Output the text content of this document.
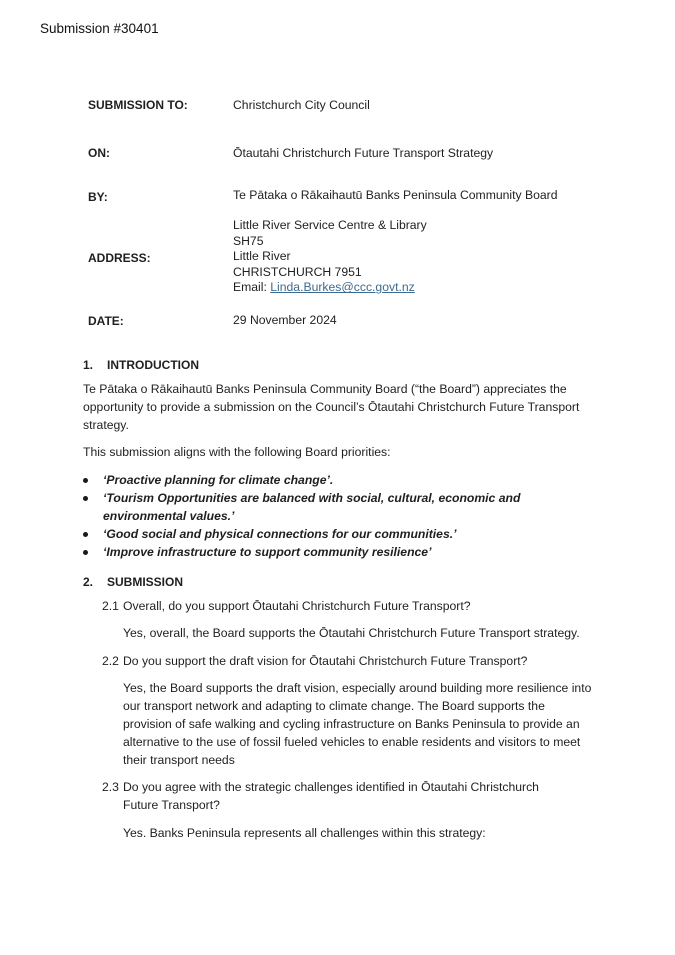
Submission #30401
SUBMISSION TO:	Christchurch City Council
ON:	Ōtautahi Christchurch Future Transport Strategy
BY:	Te Pātaka o Rākaihautū Banks Peninsula Community Board
ADDRESS:
Little River Service Centre & Library
SH75
Little River
CHRISTCHURCH 7951
Email: Linda.Burkes@ccc.govt.nz
DATE:	29 November 2024
1. INTRODUCTION
Te Pātaka o Rākaihautū Banks Peninsula Community Board (“the Board”) appreciates the opportunity to provide a submission on the Council’s Ōtautahi Christchurch Future Transport strategy.
This submission aligns with the following Board priorities:
‘Proactive planning for climate change’.
‘Tourism Opportunities are balanced with social, cultural, economic and environmental values.’
‘Good social and physical connections for our communities.’
‘Improve infrastructure to support community resilience’
2. SUBMISSION
2.1 Overall, do you support Ōtautahi Christchurch Future Transport?
Yes, overall, the Board supports the Ōtautahi Christchurch Future Transport strategy.
2.2 Do you support the draft vision for Ōtautahi Christchurch Future Transport?
Yes, the Board supports the draft vision, especially around building more resilience into our transport network and adapting to climate change. The Board supports the provision of safe walking and cycling infrastructure on Banks Peninsula to provide an alternative to the use of fossil fueled vehicles to enable residents and visitors to meet their transport needs
2.3 Do you agree with the strategic challenges identified in Ōtautahi Christchurch Future Transport?
Yes. Banks Peninsula represents all challenges within this strategy:
